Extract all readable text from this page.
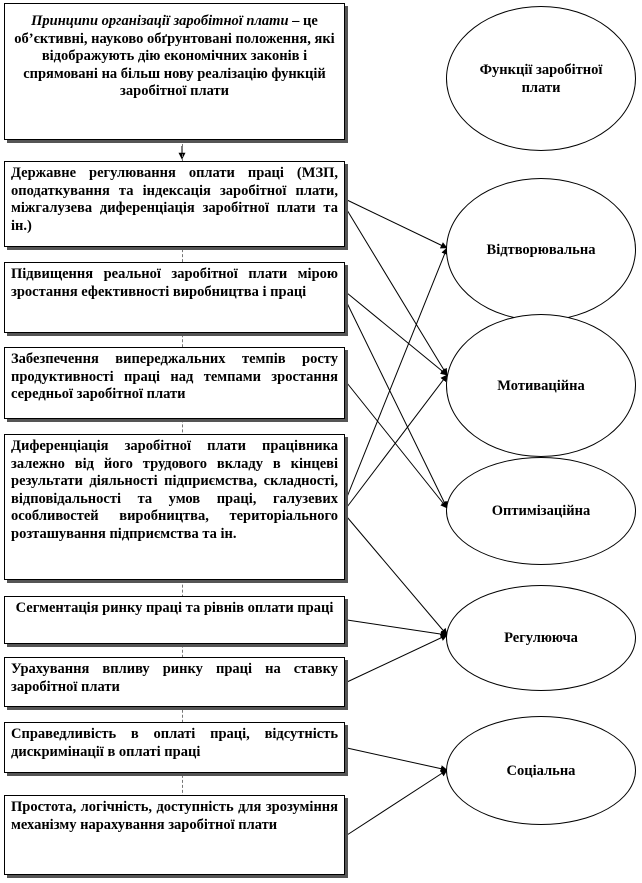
Принципи організації заробітної плати – це об’єктивні, науково обґрунтовані положення, які відображують дію економічних законів і спрямовані на більш нову реалізацію функцій заробітної плати
Державне регулювання оплати праці (МЗП, оподаткування та індексація заробітної плати, міжгалузева диференціація заробітної плати та ін.)
Підвищення реальної заробітної плати мірою зростання ефективності виробництва і праці
Забезпечення випереджальних темпів росту продуктивності праці над темпами зростання середньої заробітної плати
Диференціація заробітної плати працівника залежно від його трудового вкладу в кінцеві результати діяльності підприємства, складності, відповідальності та умов праці, галузевих особливостей виробництва, територіального розташування підприємства та ін.
Сегментація ринку праці та рівнів оплати праці
Урахування впливу ринку праці на ставку заробітної плати
Справедливість в оплаті праці, відсутність дискримінації в оплаті праці
Простота, логічність, доступність для зрозуміння механізму нарахування заробітної плати
Функції заробітної плати
Відтворювальна
Мотиваційна
Оптимізаційна
Регулююча
Соціальна
